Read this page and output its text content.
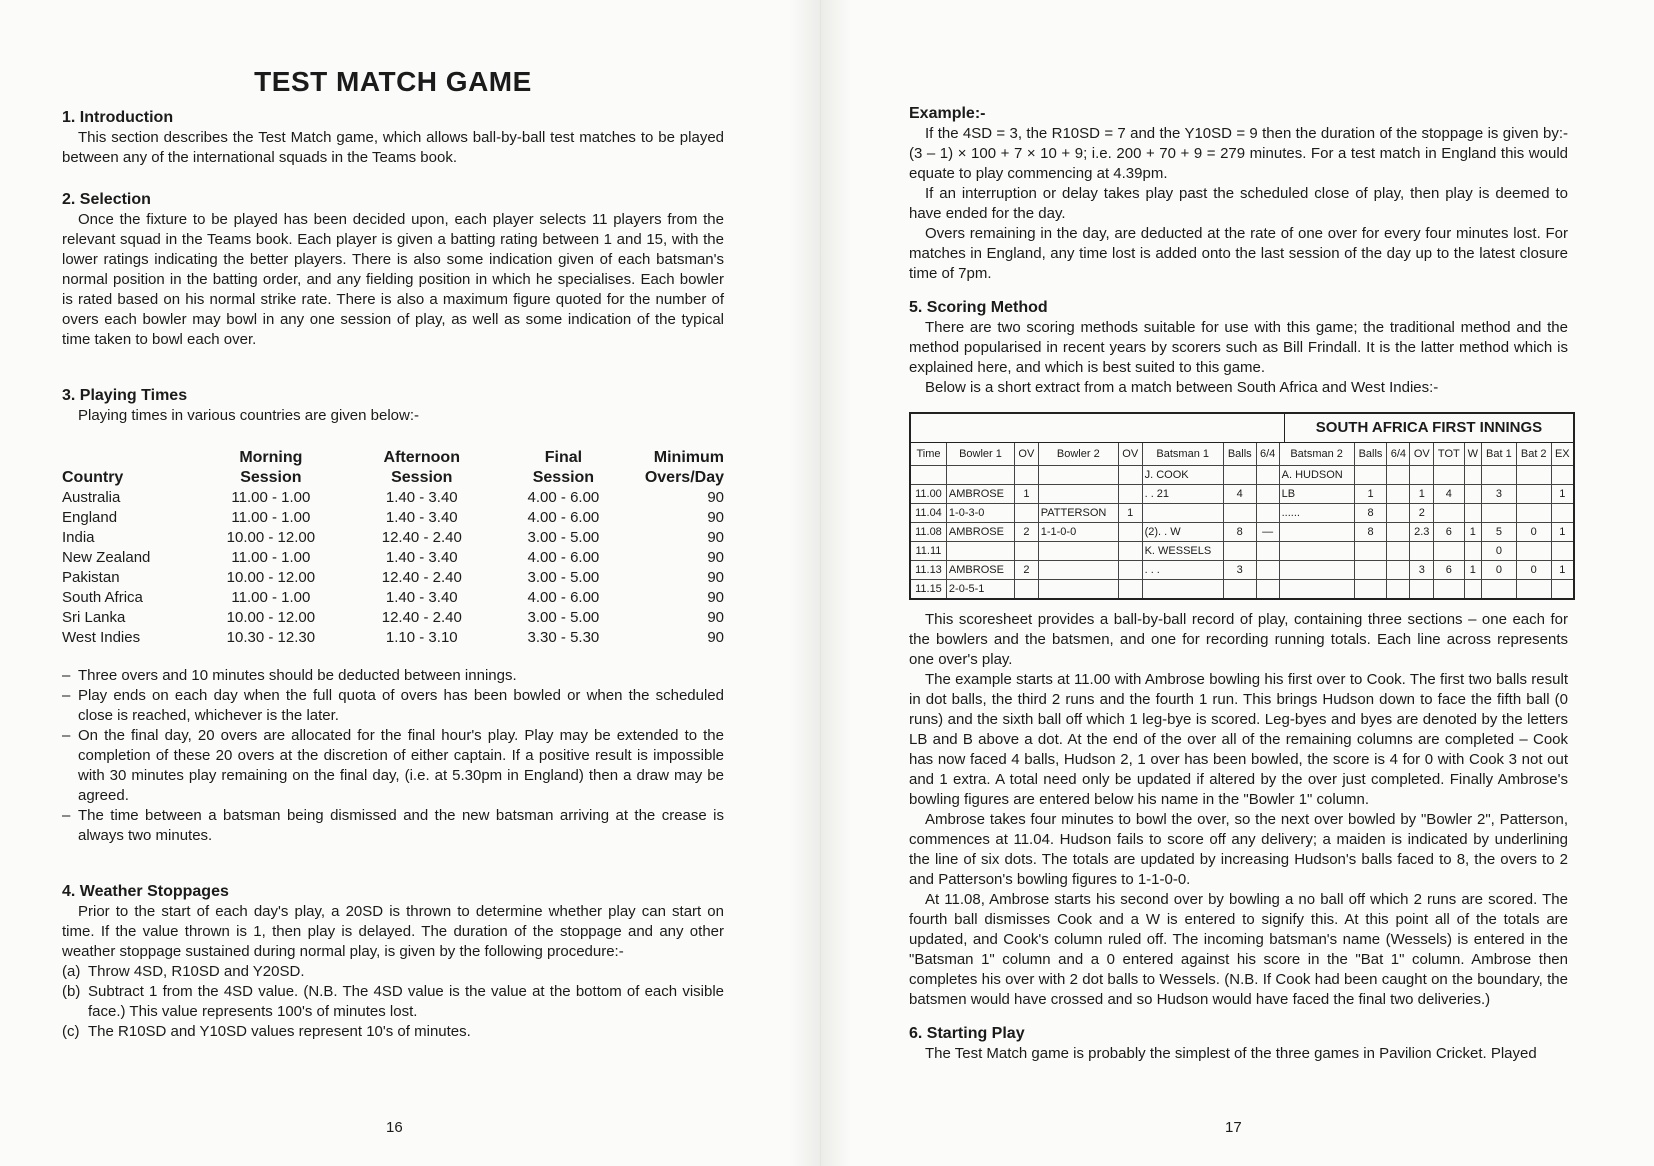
TEST MATCH GAME
1. Introduction

This section describes the Test Match game, which allows ball-by-ball test matches to be played between any of the international squads in the Teams book.

2. Selection

Once the fixture to be played has been decided upon, each player selects 11 players from the relevant squad in the Teams book. Each player is given a batting rating between 1 and 15, with the lower ratings indicating the better players. There is also some indication given of each batsman's normal position in the batting order, and any fielding position in which he specialises. Each bowler is rated based on his normal strike rate. There is also a maximum figure quoted for the number of overs each bowler may bowl in any one session of play, as well as some indication of the typical time taken to bowl each over.

3. Playing Times

Playing times in various countries are given below:-

	Morning	Afternoon	Final	Minimum
Country	Session	Session	Session	Overs/Day
Australia	11.00 - 1.00	1.40 - 3.40	4.00 - 6.00	90
England	11.00 - 1.00	1.40 - 3.40	4.00 - 6.00	90
India	10.00 - 12.00	12.40 - 2.40	3.00 - 5.00	90
New Zealand	11.00 - 1.00	1.40 - 3.40	4.00 - 6.00	90
Pakistan	10.00 - 12.00	12.40 - 2.40	3.00 - 5.00	90
South Africa	11.00 - 1.00	1.40 - 3.40	4.00 - 6.00	90
Sri Lanka	10.00 - 12.00	12.40 - 2.40	3.00 - 5.00	90
West Indies	10.30 - 12.30	1.10 - 3.10	3.30 - 5.30	90
– Three overs and 10 minutes should be deducted between innings.
– Play ends on each day when the full quota of overs has been bowled or when the scheduled close is reached, whichever is the later.
– On the final day, 20 overs are allocated for the final hour's play. Play may be extended to the completion of these 20 overs at the discretion of either captain. If a positive result is impossible with 30 minutes play remaining on the final day, (i.e. at 5.30pm in England) then a draw may be agreed.
– The time between a batsman being dismissed and the new batsman arriving at the crease is always two minutes.
4. Weather Stoppages

Prior to the start of each day's play, a 20SD is thrown to determine whether play can start on time. If the value thrown is 1, then play is delayed. The duration of the stoppage and any other weather stoppage sustained during normal play, is given by the following procedure:-

(a) Throw 4SD, R10SD and Y20SD.
(b) Subtract 1 from the 4SD value. (N.B. The 4SD value is the value at the bottom of each visible face.) This value represents 100's of minutes lost.
(c) The R10SD and Y10SD values represent 10's of minutes.
16
Example:-

If the 4SD = 3, the R10SD = 7 and the Y10SD = 9 then the duration of the stoppage is given by:- (3 – 1) × 100 + 7 × 10 + 9; i.e. 200 + 70 + 9 = 279 minutes. For a test match in England this would equate to play commencing at 4.39pm.

If an interruption or delay takes play past the scheduled close of play, then play is deemed to have ended for the day.

Overs remaining in the day, are deducted at the rate of one over for every four minutes lost. For matches in England, any time lost is added onto the last session of the day up to the latest closure time of 7pm.

5. Scoring Method

There are two scoring methods suitable for use with this game; the traditional method and the method popularised in recent years by scorers such as Bill Frindall. It is the latter method which is explained here, and which is best suited to this game.

Below is a short extract from a match between South Africa and West Indies:-

SOUTH AFRICA FIRST INNINGS
Time	Bowler 1	OV	Bowler 2	OV	Batsman 1	Balls	6/4	Batsman 2	Balls	6/4	OV	TOT	W	Bat 1	Bat 2	EX
					J. COOK			A. HUDSON								
11.00	AMBROSE	1			. . 21	4		LB	1		1	4		3		1
11.04	1-0-3-0		PATTERSON	1				......	8		2					
11.08	AMBROSE	2	1-1-0-0		(2). . W	8	—		8		2.3	6	1	5	0	1
11.11					K. WESSELS									0		
11.13	AMBROSE	2			. . .	3					3	6	1	0	0	1
11.15	2-0-5-1															

This scoresheet provides a ball-by-ball record of play, containing three sections – one each for the bowlers and the batsmen, and one for recording running totals. Each line across represents one over's play.

The example starts at 11.00 with Ambrose bowling his first over to Cook. The first two balls result in dot balls, the third 2 runs and the fourth 1 run. This brings Hudson down to face the fifth ball (0 runs) and the sixth ball off which 1 leg-bye is scored. Leg-byes and byes are denoted by the letters LB and B above a dot. At the end of the over all of the remaining columns are completed – Cook has now faced 4 balls, Hudson 2, 1 over has been bowled, the score is 4 for 0 with Cook 3 not out and 1 extra. A total need only be updated if altered by the over just completed. Finally Ambrose's bowling figures are entered below his name in the "Bowler 1" column.

Ambrose takes four minutes to bowl the over, so the next over bowled by "Bowler 2", Patterson, commences at 11.04. Hudson fails to score off any delivery; a maiden is indicated by underlining the line of six dots. The totals are updated by increasing Hudson's balls faced to 8, the overs to 2 and Patterson's bowling figures to 1-1-0-0.

At 11.08, Ambrose starts his second over by bowling a no ball off which 2 runs are scored. The fourth ball dismisses Cook and a W is entered to signify this. At this point all of the totals are updated, and Cook's column ruled off. The incoming batsman's name (Wessels) is entered in the "Batsman 1" column and a 0 entered against his score in the "Bat 1" column. Ambrose then completes his over with 2 dot balls to Wessels. (N.B. If Cook had been caught on the boundary, the batsmen would have crossed and so Hudson would have faced the final two deliveries.)

6. Starting Play

The Test Match game is probably the simplest of the three games in Pavilion Cricket. Played

17
